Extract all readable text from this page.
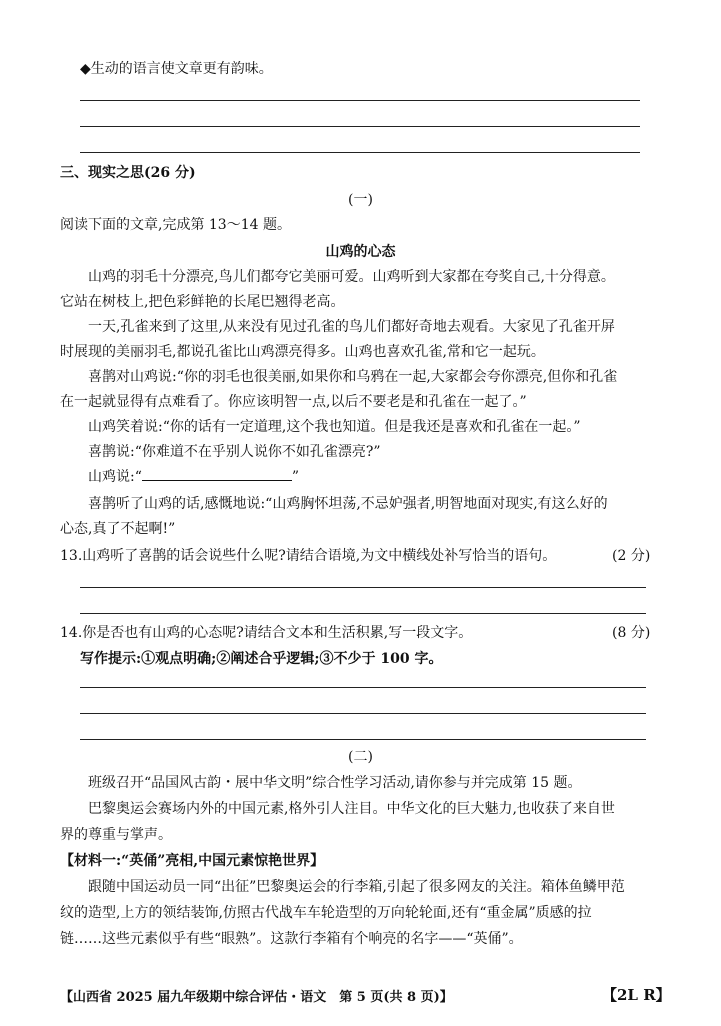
◆生动的语言使文章更有韵味。
三、现实之思(26 分)
(一)
阅读下面的文章,完成第 13～14 题。
山鸡的心态
山鸡的羽毛十分漂亮,鸟儿们都夸它美丽可爱。山鸡听到大家都在夸奖自己,十分得意。
它站在树枝上,把色彩鲜艳的长尾巴翘得老高。
一天,孔雀来到了这里,从来没有见过孔雀的鸟儿们都好奇地去观看。大家见了孔雀开屏
时展现的美丽羽毛,都说孔雀比山鸡漂亮得多。山鸡也喜欢孔雀,常和它一起玩。
喜鹊对山鸡说:“你的羽毛也很美丽,如果你和乌鸦在一起,大家都会夸你漂亮,但你和孔雀
在一起就显得有点难看了。你应该明智一点,以后不要老是和孔雀在一起了。”
山鸡笑着说:“你的话有一定道理,这个我也知道。但是我还是喜欢和孔雀在一起。”
喜鹊说:“你难道不在乎别人说你不如孔雀漂亮?”
山鸡说:“	”
喜鹊听了山鸡的话,感慨地说:“山鸡胸怀坦荡,不忌妒强者,明智地面对现实,有这么好的
心态,真了不起啊!”
13.山鸡听了喜鹊的话会说些什么呢?请结合语境,为文中横线处补写恰当的语句。	(2 分)
14.你是否也有山鸡的心态呢?请结合文本和生活积累,写一段文字。	(8 分)
写作提示:①观点明确;②阐述合乎逻辑;③不少于 100 字。
(二)
班级召开“品国风古韵・展中华文明”综合性学习活动,请你参与并完成第 15 题。
巴黎奥运会赛场内外的中国元素,格外引人注目。中华文化的巨大魅力,也收获了来自世
界的尊重与掌声。
【材料一:“英俑”亮相,中国元素惊艳世界】
跟随中国运动员一同“出征”巴黎奥运会的行李箱,引起了很多网友的关注。箱体鱼鳞甲范
纹的造型,上方的领结装饰,仿照古代战车车轮造型的万向轮轮面,还有“重金属”质感的拉
链……这些元素似乎有些“眼熟”。这款行李箱有个响亮的名字——“英俑”。
【山西省 2025 届九年级期中综合评估・语文　第 5 页(共 8 页)】	【2L R】
